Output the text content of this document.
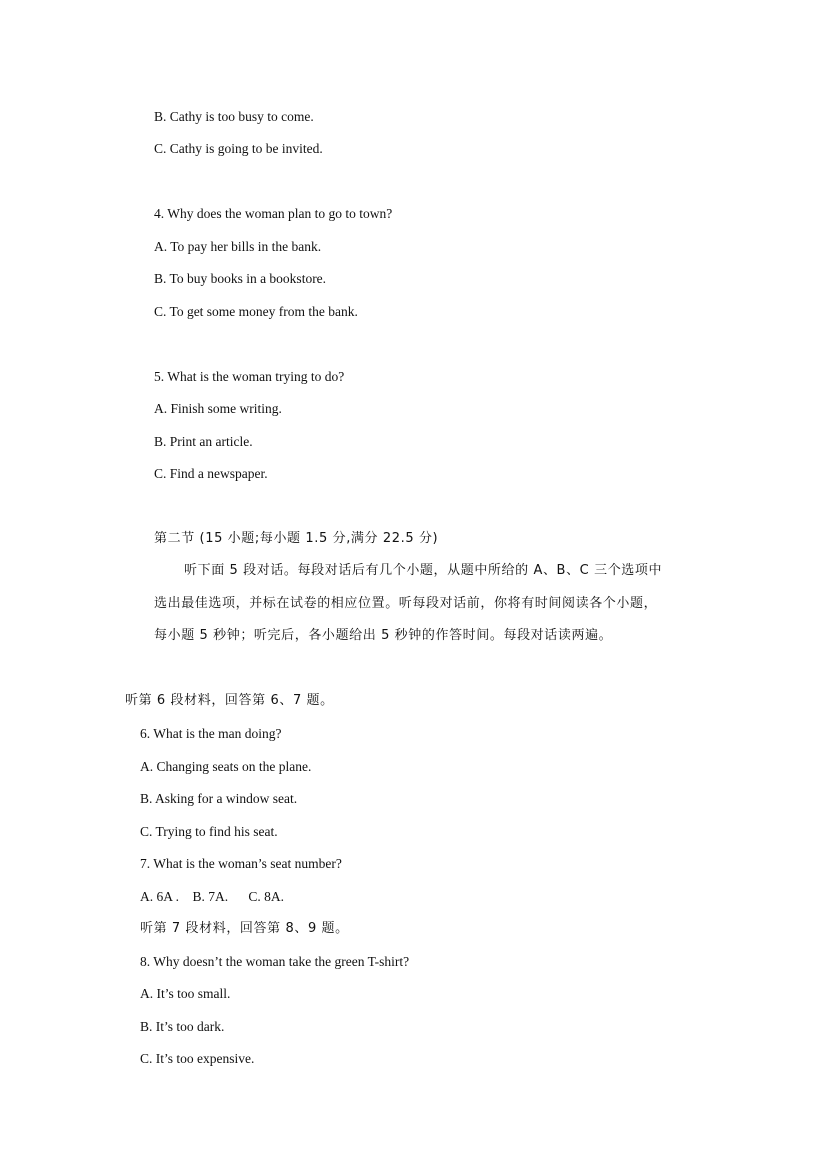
B. Cathy is too busy to come.
C. Cathy is going to be invited.
4. Why does the woman plan to go to town?
A. To pay her bills in the bank.
B. To buy books in a bookstore.
C. To get some money from the bank.
5. What is the woman trying to do?
A. Finish some writing.
B. Print an article.
C. Find a newspaper.
第二节 (15 小题;每小题 1.5 分,满分 22.5 分)
听下面 5 段对话。每段对话后有几个小题，从题中所给的 A、B、C 三个选项中
选出最佳选项，并标在试卷的相应位置。听每段对话前，你将有时间阅读各个小题，
每小题 5 秒钟；听完后，各小题给出 5 秒钟的作答时间。每段对话读两遍。
听第 6 段材料，回答第 6、7 题。
6. What is the man doing?
A. Changing seats on the plane.
B. Asking for a window seat.
C. Trying to find his seat.
7. What is the woman’s seat number?
A. 6A .    B. 7A.      C. 8A.
听第 7 段材料，回答第 8、9 题。
8. Why doesn’t the woman take the green T-shirt?
A. It’s too small.
B. It’s too dark.
C. It’s too expensive.
